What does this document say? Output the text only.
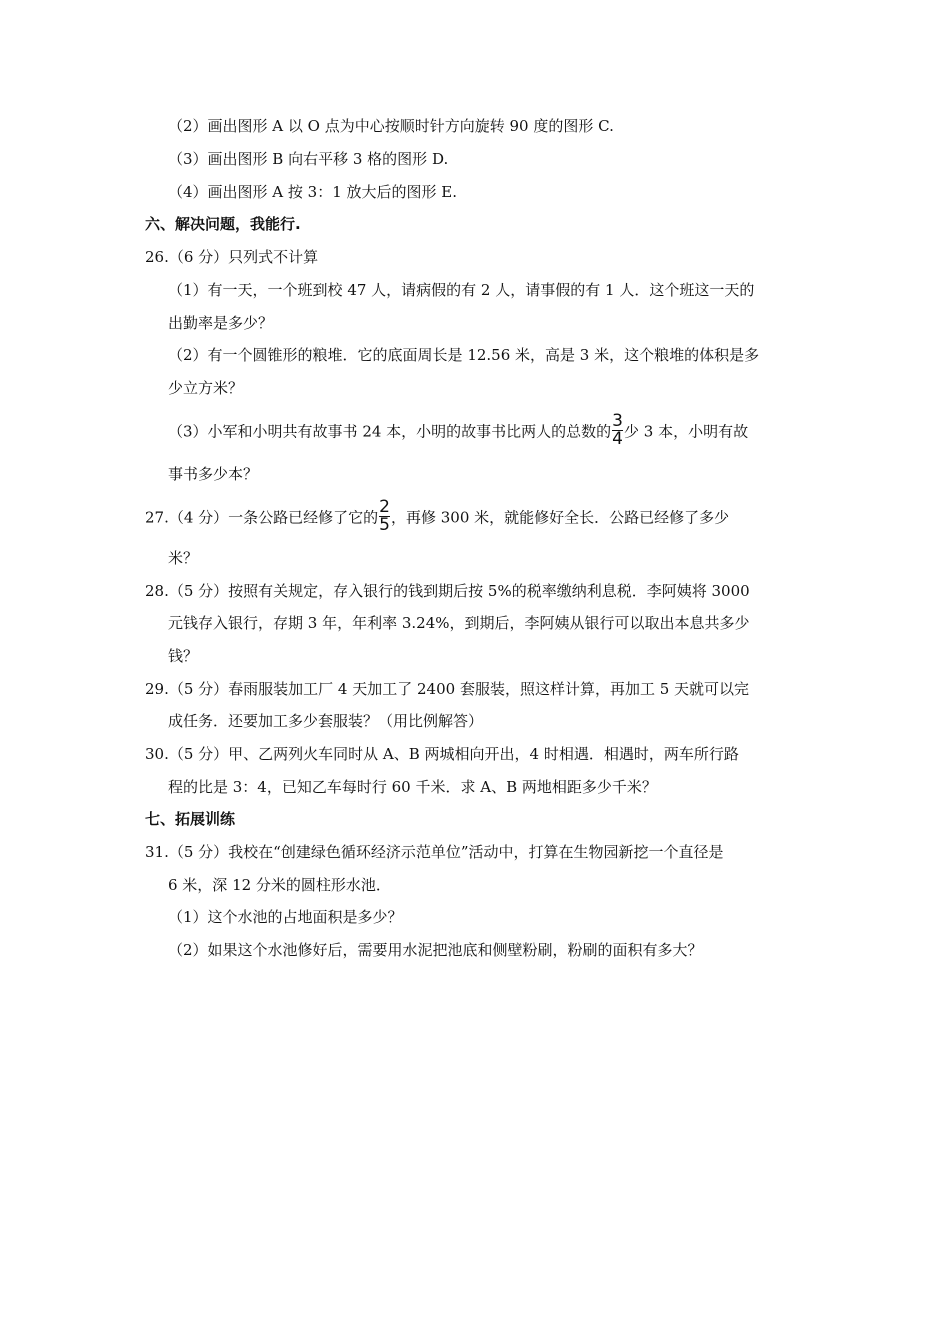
（2）画出图形 A 以 O 点为中心按顺时针方向旋转 90 度的图形 C.
（3）画出图形 B 向右平移 3 格的图形 D.
（4）画出图形 A 按 3：1 放大后的图形 E.
六、解决问题，我能行.
26.（6 分）只列式不计算
（1）有一天，一个班到校 47 人，请病假的有 2 人，请事假的有 1 人．这个班这一天的
出勤率是多少？
（2）有一个圆锥形的粮堆．它的底面周长是 12.56 米，高是 3 米，这个粮堆的体积是多
少立方米？
（3）小军和小明共有故事书 24 本，小明的故事书比两人的总数的 $\frac{3}{4}$ 少 3 本，小明有故
事书多少本？
27.（4 分）一条公路已经修了它的 $\frac{2}{5}$ ，再修 300 米，就能修好全长．公路已经修了多少
米？
28.（5 分）按照有关规定，存入银行的钱到期后按 5%的税率缴纳利息税．李阿姨将 3000
元钱存入银行，存期 3 年，年利率 3.24%，到期后，李阿姨从银行可以取出本息共多少
钱？
29.（5 分）春雨服装加工厂 4 天加工了 2400 套服装，照这样计算，再加工 5 天就可以完
成任务．还要加工多少套服装？（用比例解答）
30.（5 分）甲、乙两列火车同时从 A、B 两城相向开出，4 时相遇．相遇时，两车所行路
程的比是 3：4，已知乙车每时行 60 千米．求 A、B 两地相距多少千米？
七、拓展训练
31.（5 分）我校在“创建绿色循环经济示范单位”活动中，打算在生物园新挖一个直径是
6 米，深 12 分米的圆柱形水池．
（1）这个水池的占地面积是多少？
（2）如果这个水池修好后，需要用水泥把池底和侧壁粉刷，粉刷的面积有多大？
